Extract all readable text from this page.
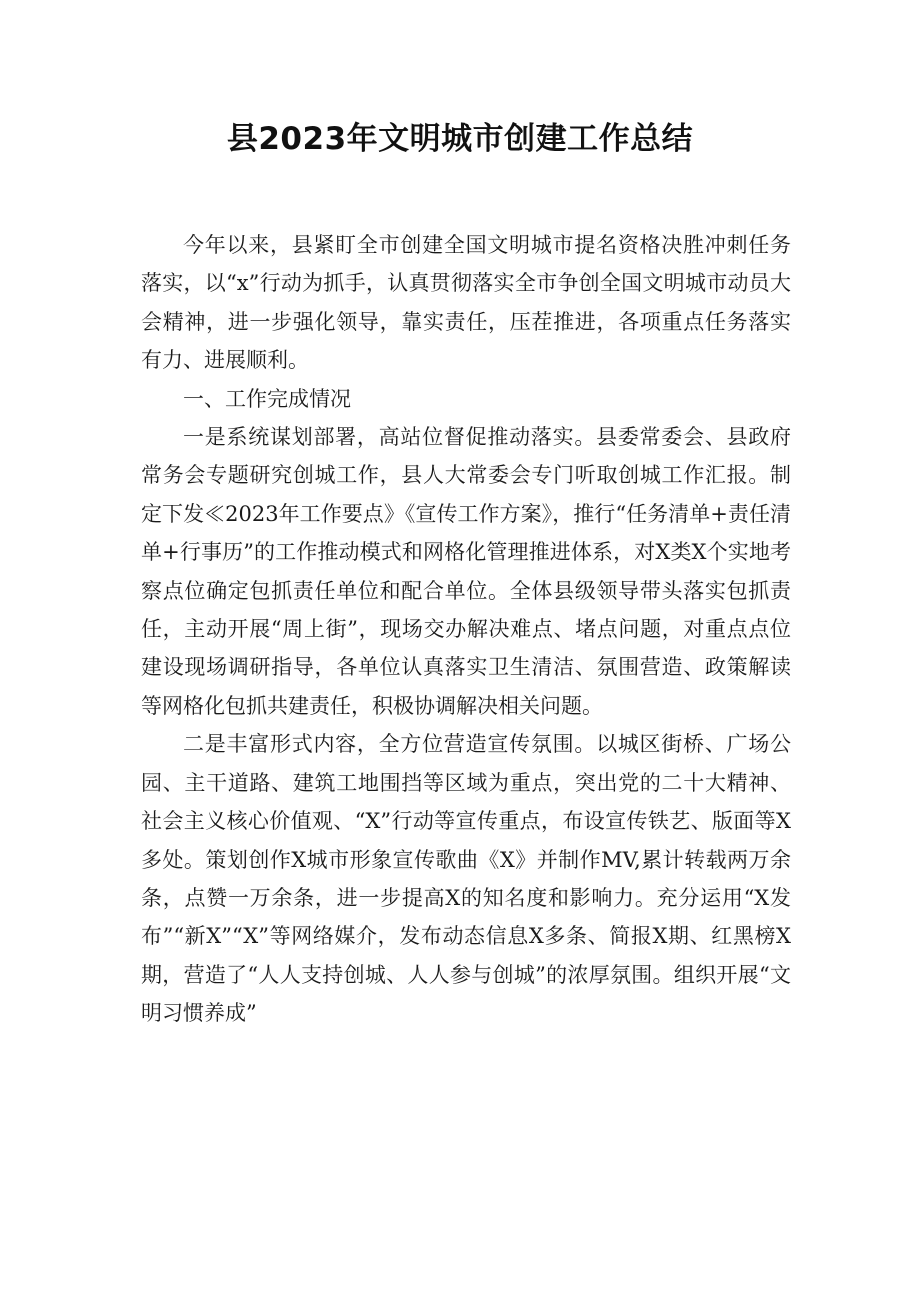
县2023年文明城市创建工作总结

今年以来，县紧盯全市创建全国文明城市提名资格决胜冲刺任务落实，以“x”行动为抓手，认真贯彻落实全市争创全国文明城市动员大会精神，进一步强化领导，靠实责任，压茬推进，各项重点任务落实有力、进展顺利。

一、工作完成情况

一是系统谋划部署，高站位督促推动落实。县委常委会、县政府常务会专题研究创城工作，县人大常委会专门听取创城工作汇报。制定下发≪2023年工作要点》《宣传工作方案》，推行“任务清单+责任清单+行事历”的工作推动模式和网格化管理推进体系，对X类X个实地考察点位确定包抓责任单位和配合单位。全体县级领导带头落实包抓责任，主动开展“周上街”，现场交办解决难点、堵点问题，对重点点位建设现场调研指导，各单位认真落实卫生清洁、氛围营造、政策解读等网格化包抓共建责任，积极协调解决相关问题。

二是丰富形式内容，全方位营造宣传氛围。以城区街桥、广场公园、主干道路、建筑工地围挡等区域为重点，突出党的二十大精神、社会主义核心价值观、“X”行动等宣传重点，布设宣传铁艺、版面等X多处。策划创作X城市形象宣传歌曲《X》并制作MV,累计转载两万余条，点赞一万余条，进一步提高X的知名度和影响力。充分运用“X发布”“新X”“X”等网络媒介，发布动态信息X多条、简报X期、红黑榜X期，营造了“人人支持创城、人人参与创城”的浓厚氛围。组织开展“文明习惯养成”
